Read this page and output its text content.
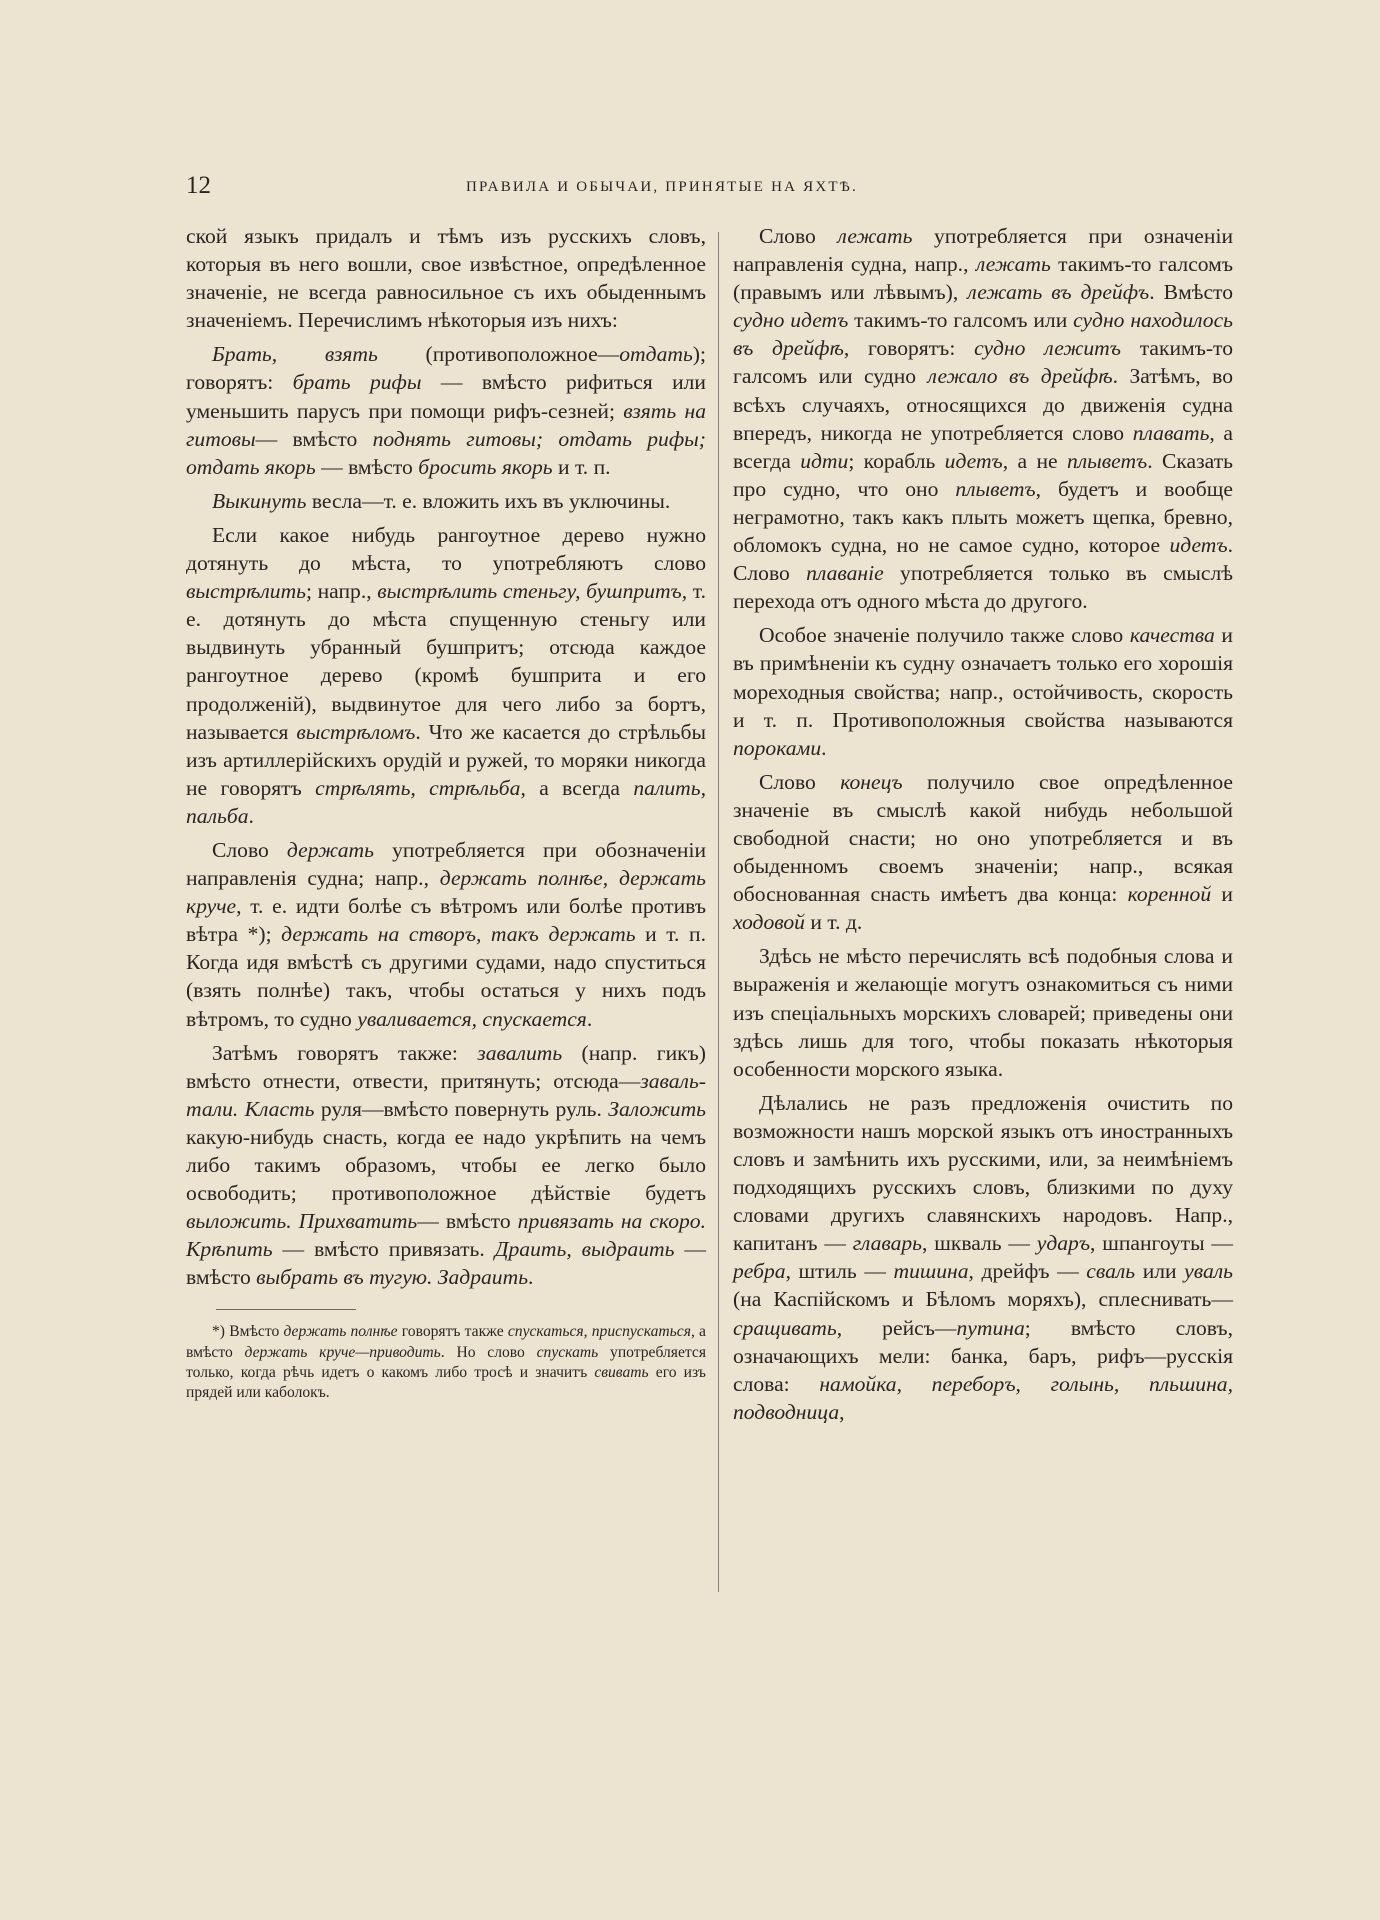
12	ПРАВИЛА И ОБЫЧАИ, ПРИНЯТЫЕ НА ЯХТѢ.

ской языкъ придалъ и тѣмъ изъ русскихъ словъ, которыя въ него вошли, свое извѣстное, опредѣленное значеніе, не всегда равносильное съ ихъ обыденнымъ значеніемъ. Перечислимъ нѣкоторыя изъ нихъ:

Брать, взять (противоположное—отдать); говорятъ: брать рифы — вмѣсто рифиться или уменьшить парусъ при помощи рифъ-сезней; взять на гитовы— вмѣсто поднять гитовы; отдать рифы; отдать якорь — вмѣсто бросить якорь и т. п.

Выкинуть весла—т. е. вложить ихъ въ уключины.

Если какое нибудь рангоутное дерево нужно дотянуть до мѣста, то употребляютъ слово выстрѣлить; напр., выстрѣлить стеньгу, бушпритъ, т. е. дотянуть до мѣста спущенную стеньгу или выдвинуть убранный бушпритъ; отсюда каждое рангоутное дерево (кромѣ бушприта и его продолженій), выдвинутое для чего либо за бортъ, называется выстрѣломъ. Что же касается до стрѣльбы изъ артиллерійскихъ орудій и ружей, то моряки никогда не говорятъ стрѣлять, стрѣльба, а всегда палить, пальба.

Слово держать употребляется при обозначеніи направленія судна; напр., держать полнѣе, держать круче, т. е. идти болѣе съ вѣтромъ или болѣе противъ вѣтра *); держать на створъ, такъ держать и т. п. Когда идя вмѣстѣ съ другими судами, надо спуститься (взять полнѣе) такъ, чтобы остаться у нихъ подъ вѣтромъ, то судно уваливается, спускается.

Затѣмъ говорятъ также: завалить (напр. гикъ) вмѣсто отнести, отвести, притянуть; отсюда—заваль-тали. Класть руля—вмѣсто повернуть руль. Заложить какую-нибудь снасть, когда ее надо укрѣпить на чемъ либо такимъ образомъ, чтобы ее легко было освободить; противоположное дѣйствіе будетъ выложить. Прихватить— вмѣсто привязать на скоро. Крѣпить — вмѣсто привязать. Драить, выдраить — вмѣсто выбрать въ тугую. Задраить.

*) Вмѣсто держать полнѣе говорятъ также спускаться, приспускаться, а вмѣсто держать круче—приводить. Но слово спускать употребляется только, когда рѣчь идетъ о какомъ либо тросѣ и значитъ свивать его изъ прядей или каболокъ.

Слово лежать употребляется при означеніи направленія судна, напр., лежать такимъ-то галсомъ (правымъ или лѣвымъ), лежать въ дрейфъ. Вмѣсто судно идетъ такимъ-то галсомъ или судно находилось въ дрейфѣ, говорятъ: судно лежитъ такимъ-то галсомъ или судно лежало въ дрейфѣ. Затѣмъ, во всѣхъ случаяхъ, относящихся до движенія судна впередъ, никогда не употребляется слово плавать, а всегда идти; корабль идетъ, а не плыветъ. Сказать про судно, что оно плыветъ, будетъ и вообще неграмотно, такъ какъ плыть можетъ щепка, бревно, обломокъ судна, но не самое судно, которое идетъ. Слово плаваніе употребляется только въ смыслѣ перехода отъ одного мѣста до другого.

Особое значеніе получило также слово качества и въ примѣненіи къ судну означаетъ только его хорошія мореходныя свойства; напр., остойчивость, скорость и т. п. Противоположныя свойства называются пороками.

Слово конецъ получило свое опредѣленное значеніе въ смыслѣ какой нибудь небольшой свободной снасти; но оно употребляется и въ обыденномъ своемъ значеніи; напр., всякая обоснованная снасть имѣетъ два конца: коренной и ходовой и т. д.

Здѣсь не мѣсто перечислять всѣ подобныя слова и выраженія и желающіе могутъ ознакомиться съ ними изъ спеціальныхъ морскихъ словарей; приведены они здѣсь лишь для того, чтобы показать нѣкоторыя особенности морского языка.

Дѣлались не разъ предложенія очистить по возможности нашъ морской языкъ отъ иностранныхъ словъ и замѣнить ихъ русскими, или, за неимѣніемъ подходящихъ русскихъ словъ, близкими по духу словами другихъ славянскихъ народовъ. Напр., капитанъ — главарь, шкваль — ударъ, шпангоуты — ребра, штиль — тишина, дрейфъ — сваль или уваль (на Каспійскомъ и Бѣломъ моряхъ), сплеснивать—сращивать, рейсъ—путина; вмѣсто словъ, означающихъ мели: банка, баръ, рифъ—русскія слова: намойка, переборъ, голынь, пльшина, подводница,
